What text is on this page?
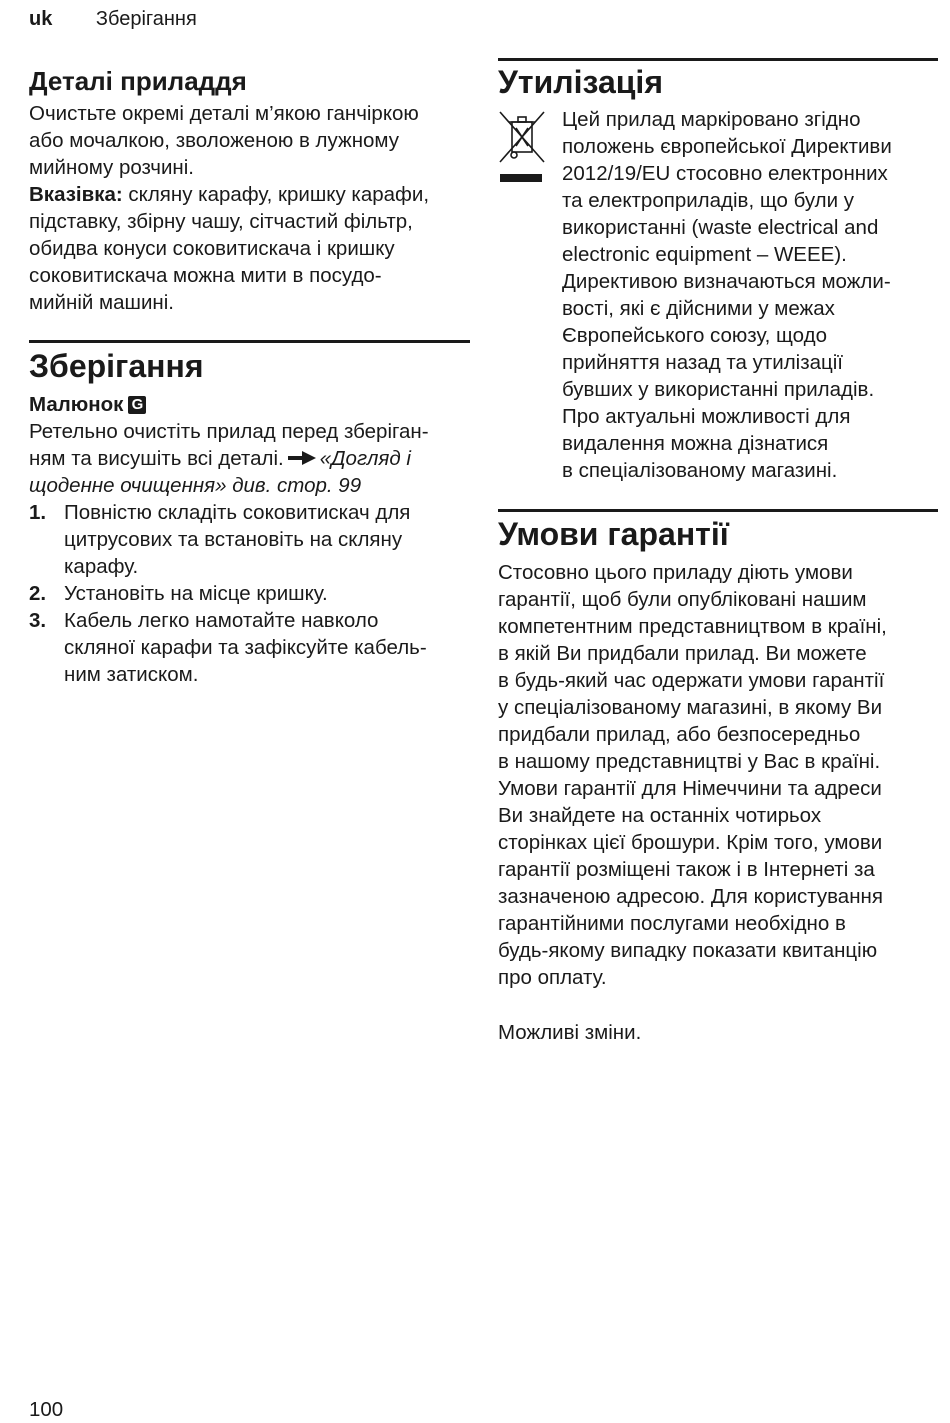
uk Зберігання
Деталі приладдя

Очистьте окремі деталі м’якою ганчіркою

або мочалкою, зволоженою в лужному

мийному розчині.

Вказівка: скляну карафу, кришку карафи,

підставку, збірну чашу, сітчастий фільтр,

обидва конуси соковитискача і кришку

соковитискача можна мити в посудо-

мийній машині.

Зберігання
Малюнок G

Ретельно очистіть прилад перед зберіган-

ням та висушіть всі деталі. «Догляд і

щоденне очищення» див. стор. 99

1. Повністю складіть соковитискач для
цитрусових та встановіть на скляну
карафу.
2. Установіть на місце кришку.
3. Кабель легко намотайте навколо
скляної карафи та зафіксуйте кабель-
ним затиском.
Утилізація

Цей прилад маркіровано згідно

положень європейської Директиви

2012/19/EU стосовно електронних

та електроприладів, що були у

використанні (waste electrical and

electronic equipment – WEEE).

Директивою визначаються можли-

вості, які є дійсними у межах

Європейського союзу, щодо

прийняття назад та утилізації

бувших у використанні приладів.

Про актуальні можливості для

видалення можна дізнатися

в спеціалізованому магазині.

Умови гарантії

Стосовно цього приладу діють умови

гарантії, щоб були опубліковані нашим

компетентним представництвом в країні,

в якій Ви придбали прилад. Ви можете

в будь-який час одержати умови гарантії

у спеціалізованому магазині, в якому Ви

придбали прилад, або безпосередньо

в нашому представництві у Вас в країні.

Умови гарантії для Німеччини та адреси

Ви знайдете на останніх чотирьох

сторінках цієї брошури. Крім того, умови

гарантії розміщені також і в Інтернеті за

зазначеною адресою. Для користування

гарантійними послугами необхідно в

будь-якому випадку показати квитанцію

про оплату.

Можливі зміни.

100
